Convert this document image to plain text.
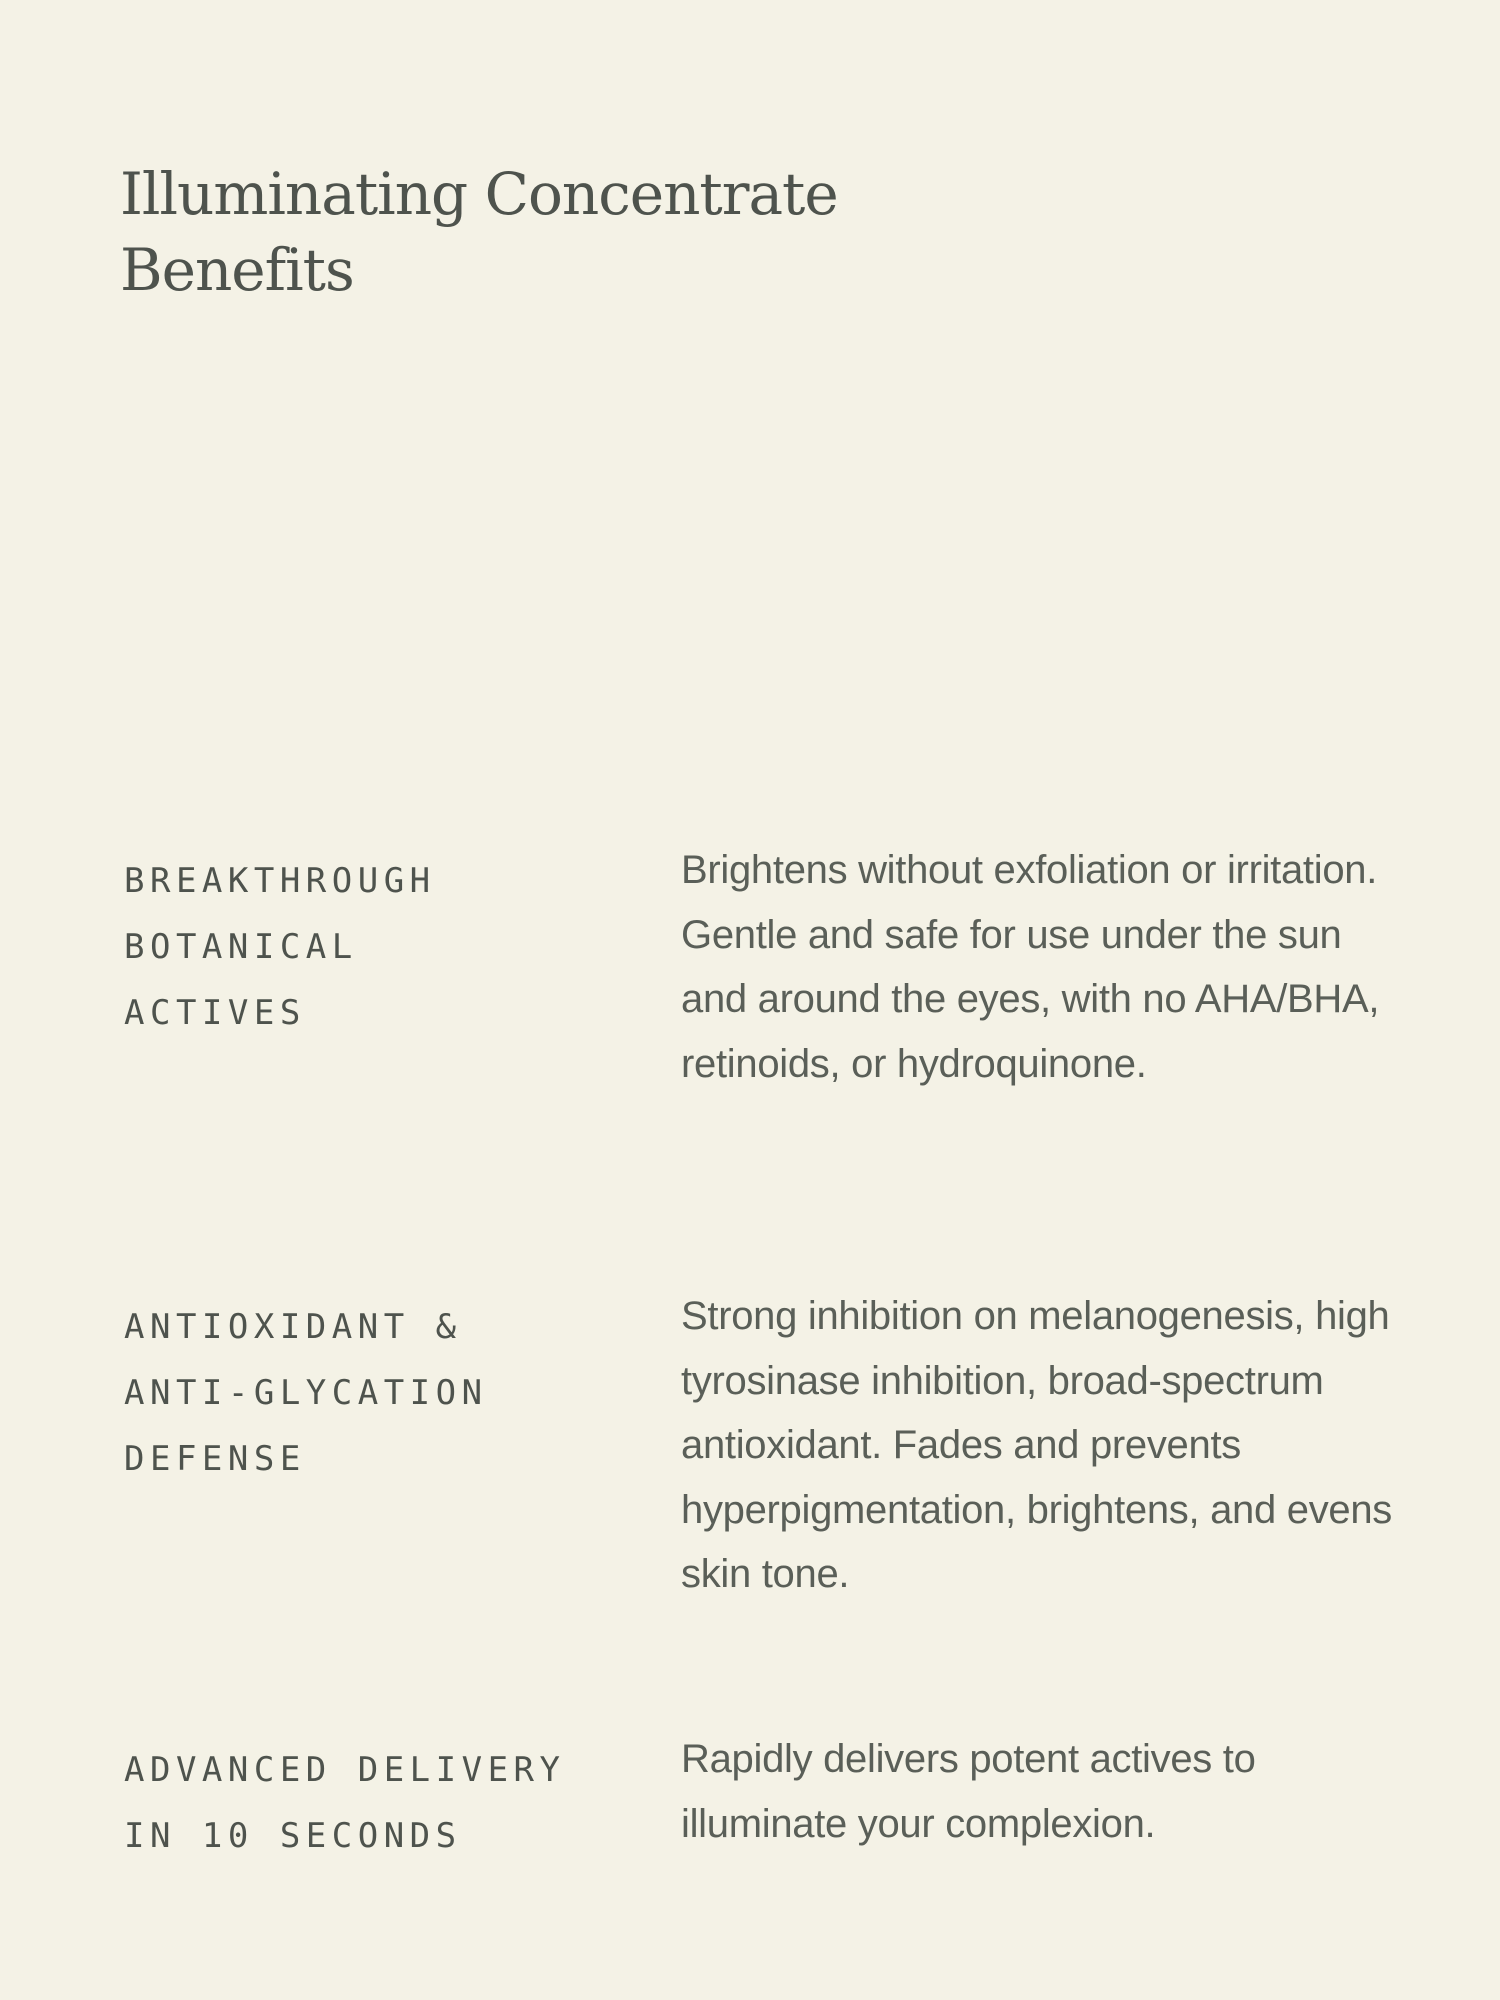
Illuminating Concentrate
Benefits
BREAKTHROUGH
BOTANICAL
ACTIVES
Brightens without exfoliation or irritation. Gentle and safe for use under the sun and around the eyes, with no AHA/BHA, retinoids, or hydroquinone.
ANTIOXIDANT &
ANTI-GLYCATION
DEFENSE
Strong inhibition on melanogenesis, high tyrosinase inhibition, broad-spectrum antioxidant. Fades and prevents hyperpigmentation, brightens, and evens skin tone.
ADVANCED DELIVERY
IN 10 SECONDS
Rapidly delivers potent actives to illuminate your complexion.
